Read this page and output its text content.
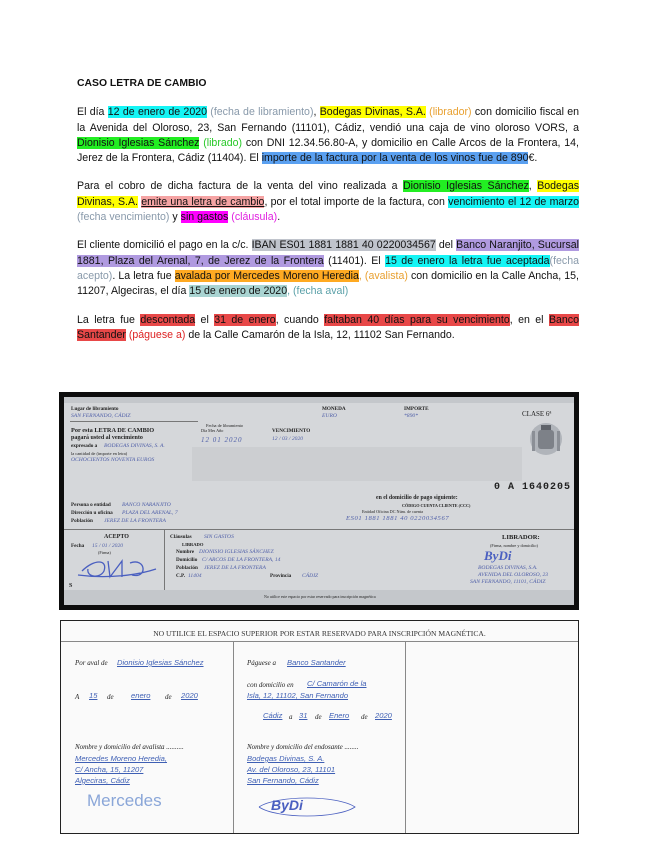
CASO LETRA DE CAMBIO

El día 12 de enero de 2020 (fecha de libramiento), Bodegas Divinas, S.A. (librador) con domicilio fiscal en la Avenida del Oloroso, 23, San Fernando (11101), Cádiz, vendió una caja de vino oloroso VORS, a Dionisio Iglesias Sánchez (librado) con DNI 12.34.56.80-A, y domicilio en Calle Arcos de la Frontera, 14, Jerez de la Frontera, Cádiz (11404). El importe de la factura por la venta de los vinos fue de 890€.

Para el cobro de dicha factura de la venta del vino realizada a Dionisio Iglesias Sánchez, Bodegas Divinas, S.A. emite una letra de cambio, por el total importe de la factura, con vencimiento el 12 de marzo (fecha vencimiento) y sin gastos (cláusula).

El cliente domicilió el pago en la c/c. IBAN ES01 1881 1881 40 0220034567 del Banco Naranjito, Sucursal 1881, Plaza del Arenal, 7, de Jerez de la Frontera (11401). El 15 de enero la letra fue aceptada(fecha acepto). La letra fue avalada por Mercedes Moreno Heredia, (avalista) con domicilio en la Calle Ancha, 15, 11207, Algeciras, el día 15 de enero de 2020, (fecha aval)

La letra fue descontada el 31 de enero, cuando faltaban 40 días para su vencimiento, en el Banco Santander (páguese a) de la Calle Camarón de la Isla, 12, 11102 San Fernando.

Lugar de libramiento
SAN FERNANDO, CÁDIZ
MONEDA
EURO
IMPORTE
*890*	CLASE 6ª
Por esta LETRA DE CAMBIO
pagará usted al vencimiento
expresado a BODEGAS DIVINAS, S. A.
la cantidad de (importe en letra)
OCHOCIENTOS NOVENTA EUROS
Fecha de libramiento
Día Mes Año
12 01 2020
VENCIMIENTO
12 / 03 / 2020
0 A 1640205
Persona o entidad BANCO NARANJITO
Dirección u oficina PLAZA DEL ARENAL, 7
Población JEREZ DE LA FRONTERA
en el domicilio de pago siguiente:
CÓDIGO CUENTA CLIENTE (CCC)
Entidad Oficina DC Núm. de cuenta
ES01 1881 1881 40 0220034567
ACEPTO
Fecha 15 / 01 / 2020
(Firma)
S
Cláusulas SIN GASTOS
LIBRADO
Nombre DIONISIO IGLESIAS SÁNCHEZ
Domicilio C/ ARCOS DE LA FRONTERA, 14
Población JEREZ DE LA FRONTERA
C.P. 11404	Provincia CÁDIZ
LIBRADOR:
(Firma, nombre y domicilio)
ByDi
BODEGAS DIVINAS, S.A.
AVENIDA DEL OLOROSO, 23
SAN FERNANDO, 11101, CÁDIZ
No utilice este espacio por estar reservado para inscripción magnética
NO UTILICE EL ESPACIO SUPERIOR POR ESTAR RESERVADO PARA INSCRIPCIÓN MAGNÉTICA.
Por aval de Dionisio Iglesias Sánchez
A 15 de enero de 2020
Nombre y domicilio del avalista ..........
Mercedes Moreno Heredia,
C/ Ancha, 15, 11207
Algeciras, Cádiz
Mercedes
Páguese a Banco Santander
con domicilio en C/ Camarón de la
Isla, 12, 11102, San Fernando
Cádiz a 31 de Enero de 2020
Nombre y domicilio del endosante ........
Bodegas Divinas, S. A.
Av. del Oloroso, 23, 11101
San Fernando, Cádiz
ByDi
